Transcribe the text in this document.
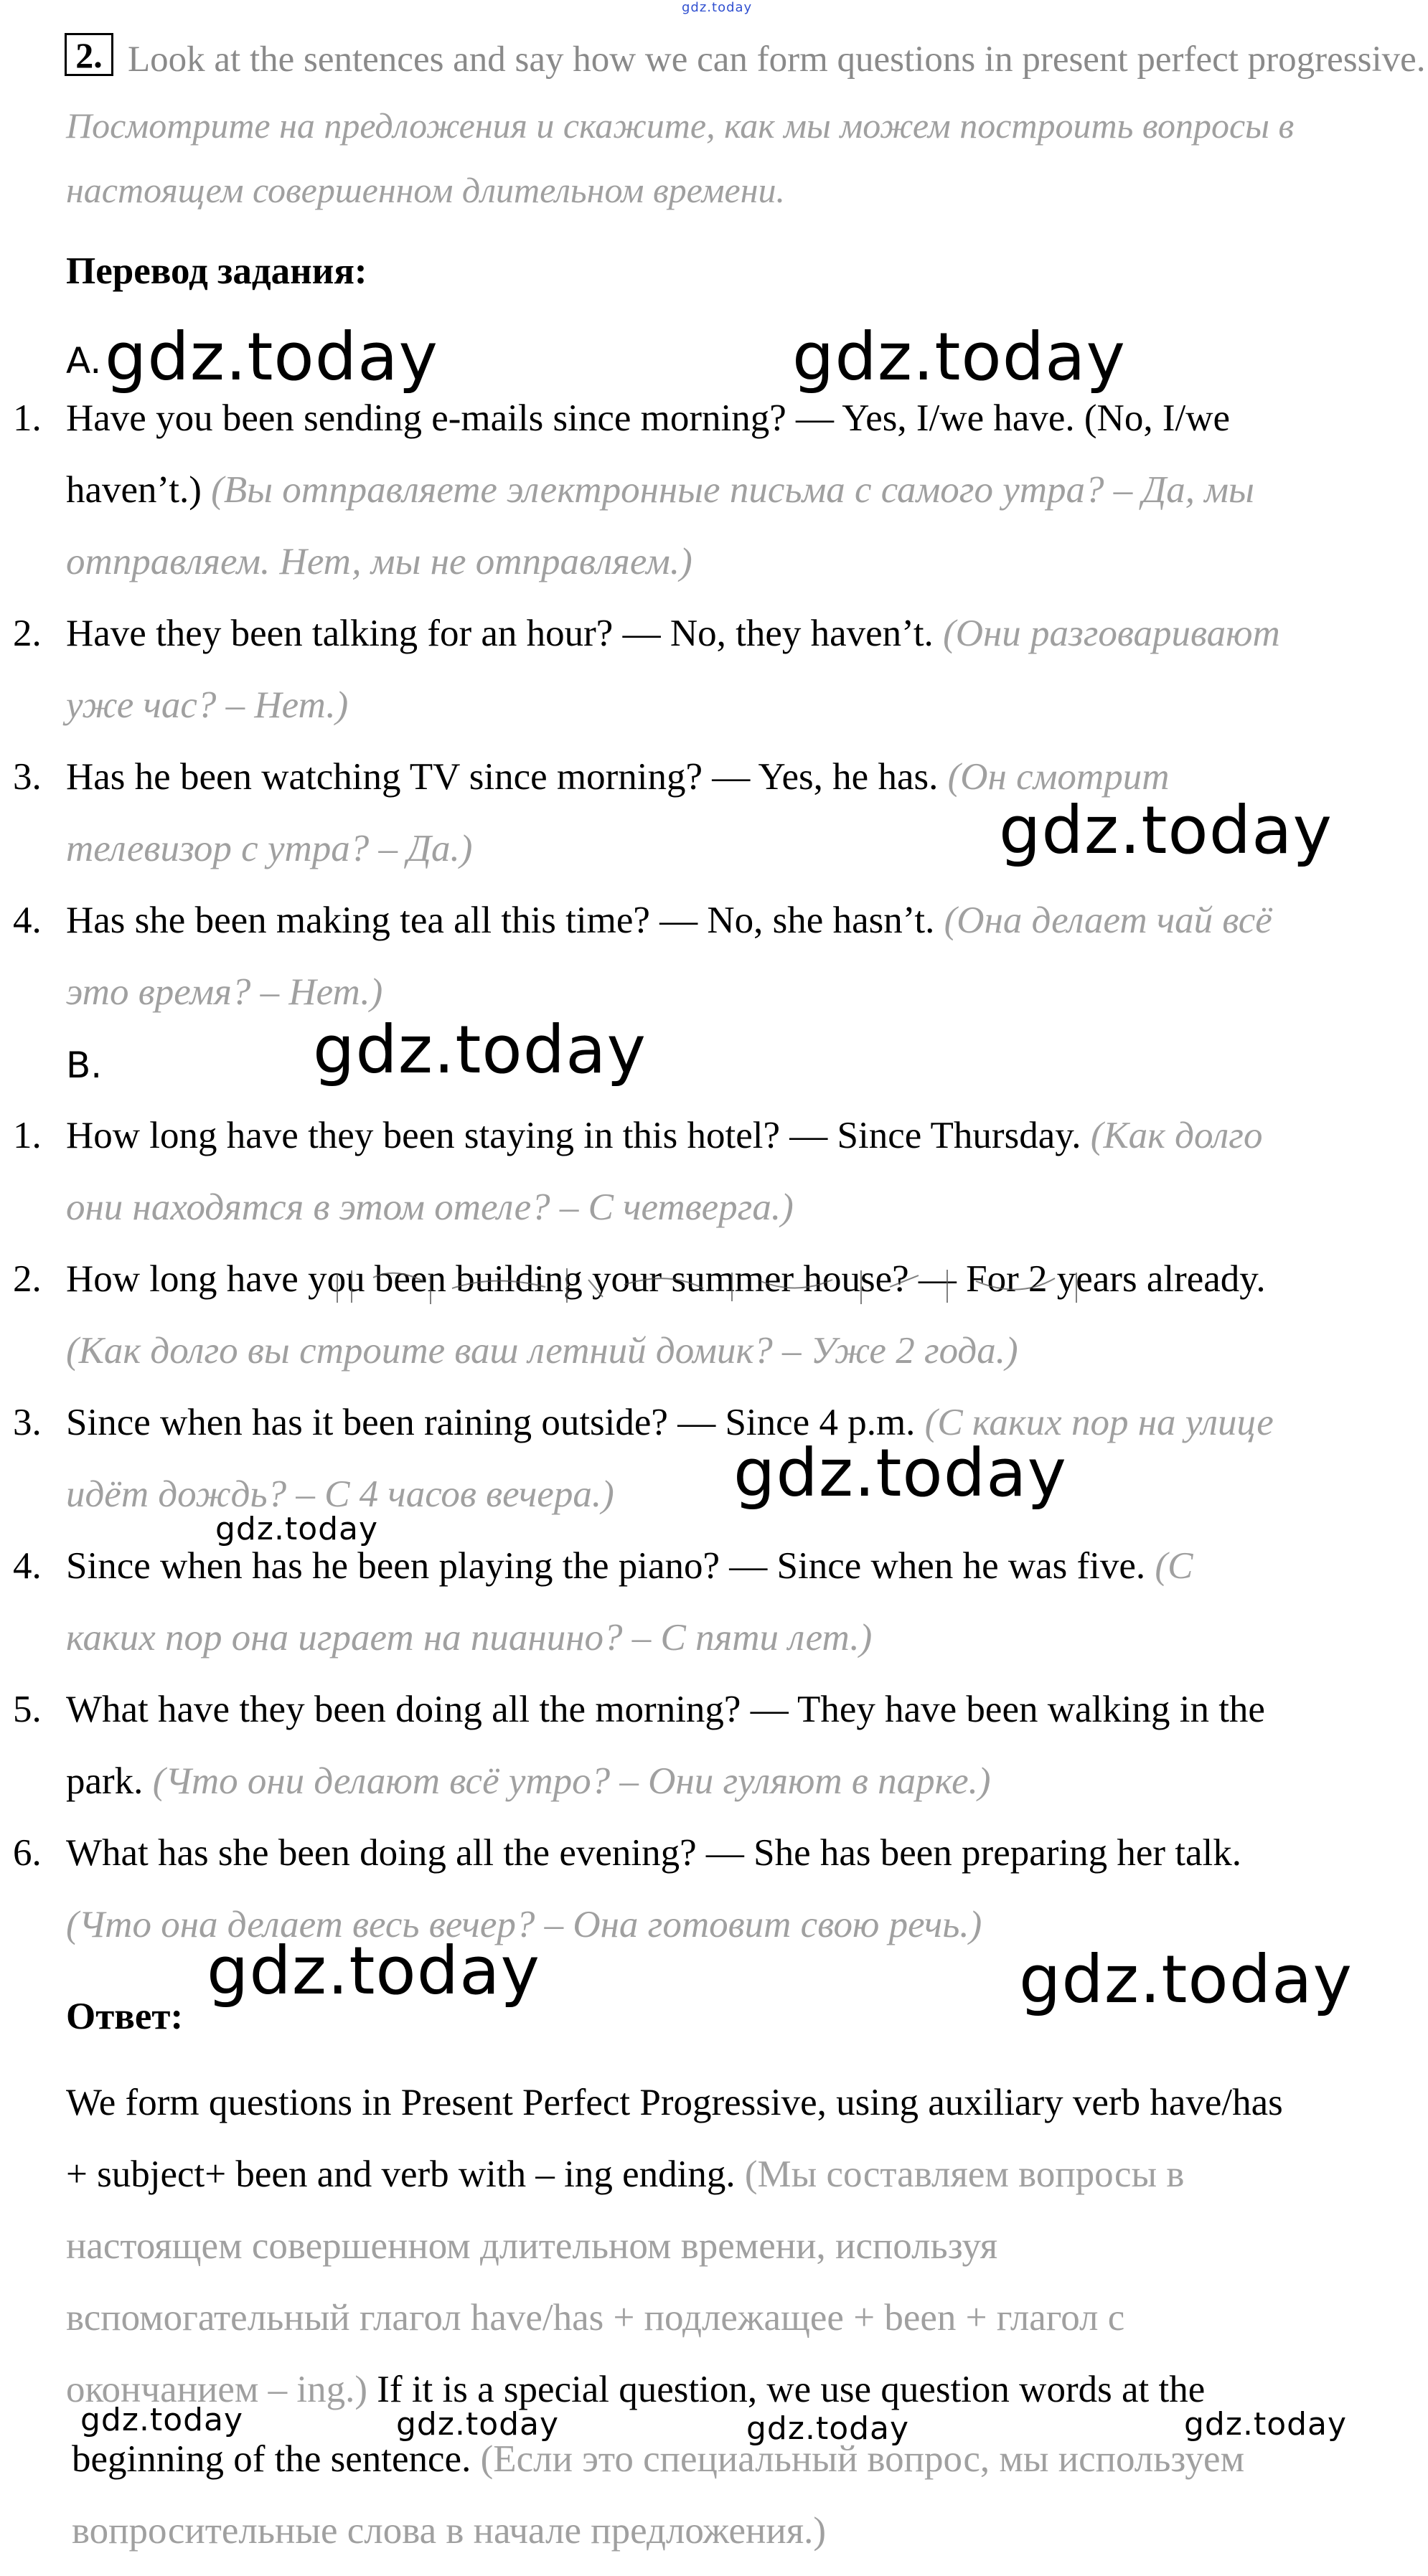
gdz.today
2. Look at the sentences and say how we can form questions in present perfect progressive.
Посмотрите на предложения и скажите, как мы можем построить вопросы в
настоящем совершенном длительном времени.
Перевод задания:
A. gdz.today	gdz.today
1. Have you been sending e-mails since morning? — Yes, I/we have. (No, I/we
haven’t.) (Вы отправляете электронные письма с самого утра? – Да, мы
отправляем. Нет, мы не отправляем.)
2. Have they been talking for an hour? — No, they haven’t. (Они разговаривают
уже час? – Нет.)
3. Has he been watching TV since morning? — Yes, he has. (Он смотрит
телевизор с утра? – Да.)	gdz.today
4. Has she been making tea all this time? — No, she hasn’t. (Она делает чай всё
это время? – Нет.)
B.	gdz.today
1. How long have they been staying in this hotel? — Since Thursday. (Как долго
они находятся в этом отеле? – С четверга.)
2. How long have you been building your summer house? — For 2 years already.
(Как долго вы строите ваш летний домик? – Уже 2 года.)
3. Since when has it been raining outside? — Since 4 p.m. (С каких пор на улице
идёт дождь? – С 4 часов вечера.) gdz.today
gdz.today
4. Since when has he been playing the piano? — Since when he was five. (С
каких пор она играет на пианино? – С пяти лет.)
5. What have they been doing all the morning? — They have been walking in the
park. (Что они делают всё утро? – Они гуляют в парке.)
6. What has she been doing all the evening? — She has been preparing her talk.
(Что она делает весь вечер? – Она готовит свою речь.)
gdz.today	gdz.today
Ответ:
We form questions in Present Perfect Progressive, using auxiliary verb have/has
+ subject+ been and verb with – ing ending. (Мы составляем вопросы в
настоящем совершенном длительном времени, используя
вспомогательный глагол have/has + подлежащее + been + глагол с
окончанием – ing.) If it is a special question, we use question words at the
gdz.today	gdz.today	gdz.today	gdz.today
beginning of the sentence. (Если это специальный вопрос, мы используем
вопросительные слова в начале предложения.)
